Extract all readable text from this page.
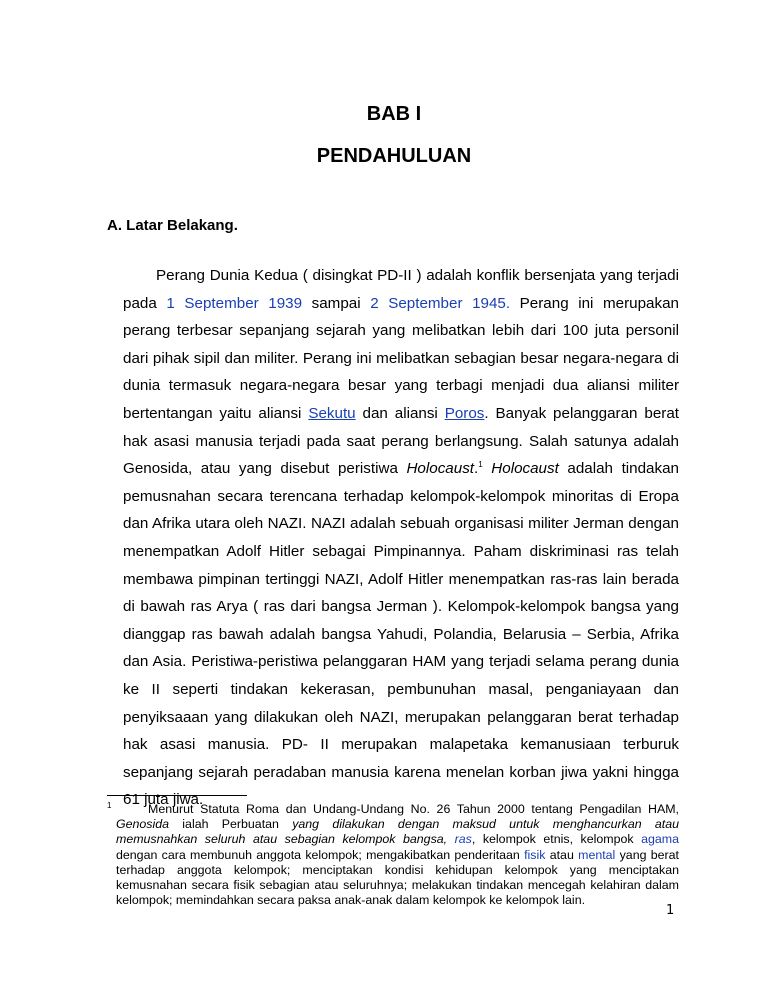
BAB I
PENDAHULUAN
A. Latar Belakang.
Perang Dunia Kedua ( disingkat PD-II ) adalah konflik bersenjata yang terjadi
pada 1 September 1939 sampai 2 September 1945. Perang ini merupakan
perang terbesar sepanjang sejarah yang melibatkan lebih dari 100 juta personil
dari pihak sipil dan militer. Perang ini melibatkan sebagian besar negara-negara di
dunia termasuk negara-negara besar yang terbagi menjadi dua aliansi militer
bertentangan yaitu aliansi Sekutu dan aliansi Poros. Banyak pelanggaran berat
hak asasi manusia terjadi pada saat perang berlangsung. Salah satunya adalah
Genosida, atau yang disebut peristiwa Holocaust.$^1$ Holocaust adalah tindakan
pemusnahan secara terencana terhadap kelompok-kelompok minoritas di Eropa
dan Afrika utara oleh NAZI. NAZI adalah sebuah organisasi militer Jerman dengan
menempatkan Adolf Hitler sebagai Pimpinannya. Paham diskriminasi ras telah
membawa pimpinan tertinggi NAZI, Adolf Hitler menempatkan ras-ras lain berada
di bawah ras Arya ( ras dari bangsa Jerman ). Kelompok-kelompok bangsa yang
dianggap ras bawah adalah bangsa Yahudi, Polandia, Belarusia – Serbia, Afrika
dan Asia. Peristiwa-peristiwa pelanggaran HAM yang terjadi selama perang dunia
ke II seperti tindakan kekerasan, pembunuhan masal, penganiayaan dan
penyiksaaan yang dilakukan oleh NAZI, merupakan pelanggaran berat terhadap
hak asasi manusia. PD- II merupakan malapetaka kemanusiaan terburuk
sepanjang sejarah peradaban manusia karena menelan korban jiwa yakni hingga
61 juta jiwa.
1	Menurut Statuta Roma dan Undang-Undang No. 26 Tahun 2000 tentang Pengadilan HAM,
Genosida ialah Perbuatan yang dilakukan dengan maksud untuk menghancurkan atau
memusnahkan seluruh atau sebagian kelompok bangsa, ras, kelompok etnis, kelompok agama
dengan cara membunuh anggota kelompok; mengakibatkan penderitaan fisik atau mental yang berat
terhadap anggota kelompok; menciptakan kondisi kehidupan kelompok yang menciptakan
kemusnahan secara fisik sebagian atau seluruhnya; melakukan tindakan mencegah kelahiran dalam
kelompok; memindahkan secara paksa anak-anak dalam kelompok ke kelompok lain.
1
